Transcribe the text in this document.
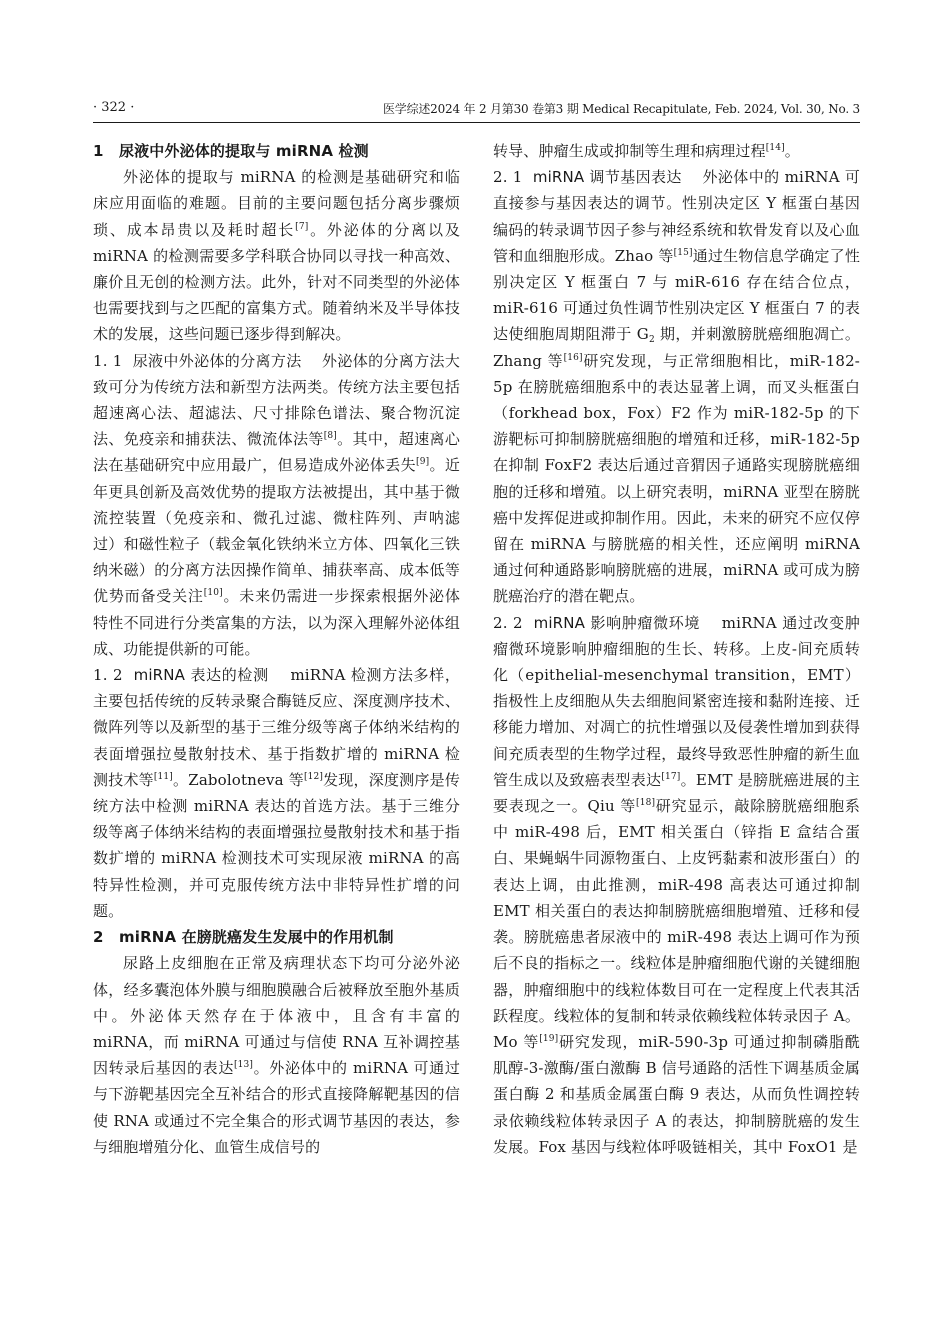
· 322 ·	医学综述2024 年 2 月第30 卷第3 期 Medical Recapitulate, Feb. 2024, Vol. 30, No. 3

1 尿液中外泌体的提取与 miRNA 检测

外泌体的提取与 miRNA 的检测是基础研究和临床应用面临的难题。目前的主要问题包括分离步骤烦琐、成本昂贵以及耗时超长[7]。外泌体的分离以及 miRNA 的检测需要多学科联合协同以寻找一种高效、廉价且无创的检测方法。此外，针对不同类型的外泌体也需要找到与之匹配的富集方式。随着纳米及半导体技术的发展，这些问题已逐步得到解决。

1. 1 尿液中外泌体的分离方法 外泌体的分离方法大致可分为传统方法和新型方法两类。传统方法主要包括超速离心法、超滤法、尺寸排除色谱法、聚合物沉淀法、免疫亲和捕获法、微流体法等[8]。其中，超速离心法在基础研究中应用最广，但易造成外泌体丢失[9]。近年更具创新及高效优势的提取方法被提出，其中基于微流控装置（免疫亲和、微孔过滤、微柱阵列、声呐滤过）和磁性粒子（载金氧化铁纳米立方体、四氧化三铁纳米磁）的分离方法因操作简单、捕获率高、成本低等优势而备受关注[10]。未来仍需进一步探索根据外泌体特性不同进行分类富集的方法，以为深入理解外泌体组成、功能提供新的可能。

1. 2 miRNA 表达的检测 miRNA 检测方法多样，主要包括传统的反转录聚合酶链反应、深度测序技术、微阵列等以及新型的基于三维分级等离子体纳米结构的表面增强拉曼散射技术、基于指数扩增的 miRNA 检测技术等[11]。Zabolotneva 等[12]发现，深度测序是传统方法中检测 miRNA 表达的首选方法。基于三维分级等离子体纳米结构的表面增强拉曼散射技术和基于指数扩增的 miRNA 检测技术可实现尿液 miRNA 的高特异性检测，并可克服传统方法中非特异性扩增的问题。

2 miRNA 在膀胱癌发生发展中的作用机制

尿路上皮细胞在正常及病理状态下均可分泌外泌体，经多囊泡体外膜与细胞膜融合后被释放至胞外基质中。外泌体天然存在于体液中，且含有丰富的 miRNA，而 miRNA 可通过与信使 RNA 互补调控基因转录后基因的表达[13]。外泌体中的 miRNA 可通过与下游靶基因完全互补结合的形式直接降解靶基因的信使 RNA 或通过不完全集合的形式调节基因的表达，参与细胞增殖分化、血管生成信号的

转导、肿瘤生成或抑制等生理和病理过程[14]。

2. 1 miRNA 调节基因表达 外泌体中的 miRNA 可直接参与基因表达的调节。性别决定区 Y 框蛋白基因编码的转录调节因子参与神经系统和软骨发育以及心血管和血细胞形成。Zhao 等[15]通过生物信息学确定了性别决定区 Y 框蛋白 7 与 miR-616 存在结合位点，miR-616 可通过负性调节性别决定区 Y 框蛋白 7 的表达使细胞周期阻滞于 $G_2$ 期，并刺激膀胱癌细胞凋亡。Zhang 等[16]研究发现，与正常细胞相比，miR-182-5p 在膀胱癌细胞系中的表达显著上调，而叉头框蛋白（forkhead box，Fox）F2 作为 miR-182-5p 的下游靶标可抑制膀胱癌细胞的增殖和迁移，miR-182-5p 在抑制 FoxF2 表达后通过音猬因子通路实现膀胱癌细胞的迁移和增殖。以上研究表明，miRNA 亚型在膀胱癌中发挥促进或抑制作用。因此，未来的研究不应仅停留在 miRNA 与膀胱癌的相关性，还应阐明 miRNA 通过何种通路影响膀胱癌的进展，miRNA 或可成为膀胱癌治疗的潜在靶点。

2. 2 miRNA 影响肿瘤微环境 miRNA 通过改变肿瘤微环境影响肿瘤细胞的生长、转移。上皮-间充质转化（epithelial-mesenchymal transition，EMT）指极性上皮细胞从失去细胞间紧密连接和黏附连接、迁移能力增加、对凋亡的抗性增强以及侵袭性增加到获得间充质表型的生物学过程，最终导致恶性肿瘤的新生血管生成以及致癌表型表达[17]。EMT 是膀胱癌进展的主要表现之一。Qiu 等[18]研究显示，敲除膀胱癌细胞系中 miR-498 后，EMT 相关蛋白（锌指 E 盒结合蛋白、果蝇蜗牛同源物蛋白、上皮钙黏素和波形蛋白）的表达上调，由此推测，miR-498 高表达可通过抑制 EMT 相关蛋白的表达抑制膀胱癌细胞增殖、迁移和侵袭。膀胱癌患者尿液中的 miR-498 表达上调可作为预后不良的指标之一。线粒体是肿瘤细胞代谢的关键细胞器，肿瘤细胞中的线粒体数目可在一定程度上代表其活跃程度。线粒体的复制和转录依赖线粒体转录因子 A。Mo 等[19]研究发现，miR-590-3p 可通过抑制磷脂酰肌醇-3-激酶/蛋白激酶 B 信号通路的活性下调基质金属蛋白酶 2 和基质金属蛋白酶 9 表达，从而负性调控转录依赖线粒体转录因子 A 的表达，抑制膀胱癌的发生发展。Fox 基因与线粒体呼吸链相关，其中 FoxO1 是
